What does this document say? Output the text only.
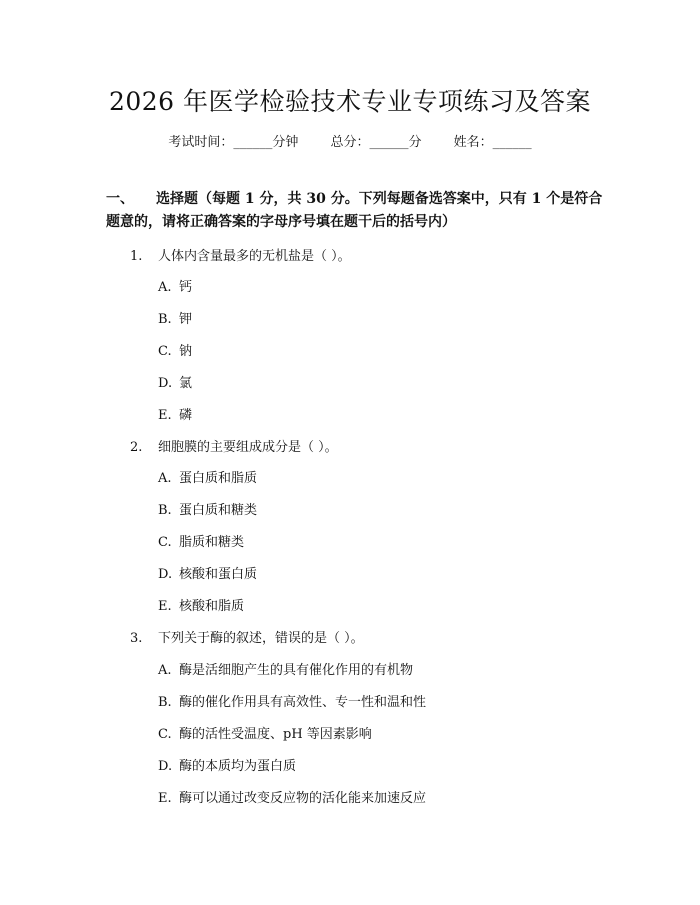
2026 年医学检验技术专业专项练习及答案
考试时间：______分钟 总分：______分 姓名：______
一、 选择题（每题 1 分，共 30 分。下列每题备选答案中，只有 1 个是符合题意的，请将正确答案的字母序号填在题干后的括号内）
1. 人体内含量最多的无机盐是（ ）。
A. 钙
B. 钾
C. 钠
D. 氯
E. 磷
2. 细胞膜的主要组成成分是（ ）。
A. 蛋白质和脂质
B. 蛋白质和糖类
C. 脂质和糖类
D. 核酸和蛋白质
E. 核酸和脂质
3. 下列关于酶的叙述，错误的是（ ）。
A. 酶是活细胞产生的具有催化作用的有机物
B. 酶的催化作用具有高效性、专一性和温和性
C. 酶的活性受温度、pH 等因素影响
D. 酶的本质均为蛋白质
E. 酶可以通过改变反应物的活化能来加速反应
